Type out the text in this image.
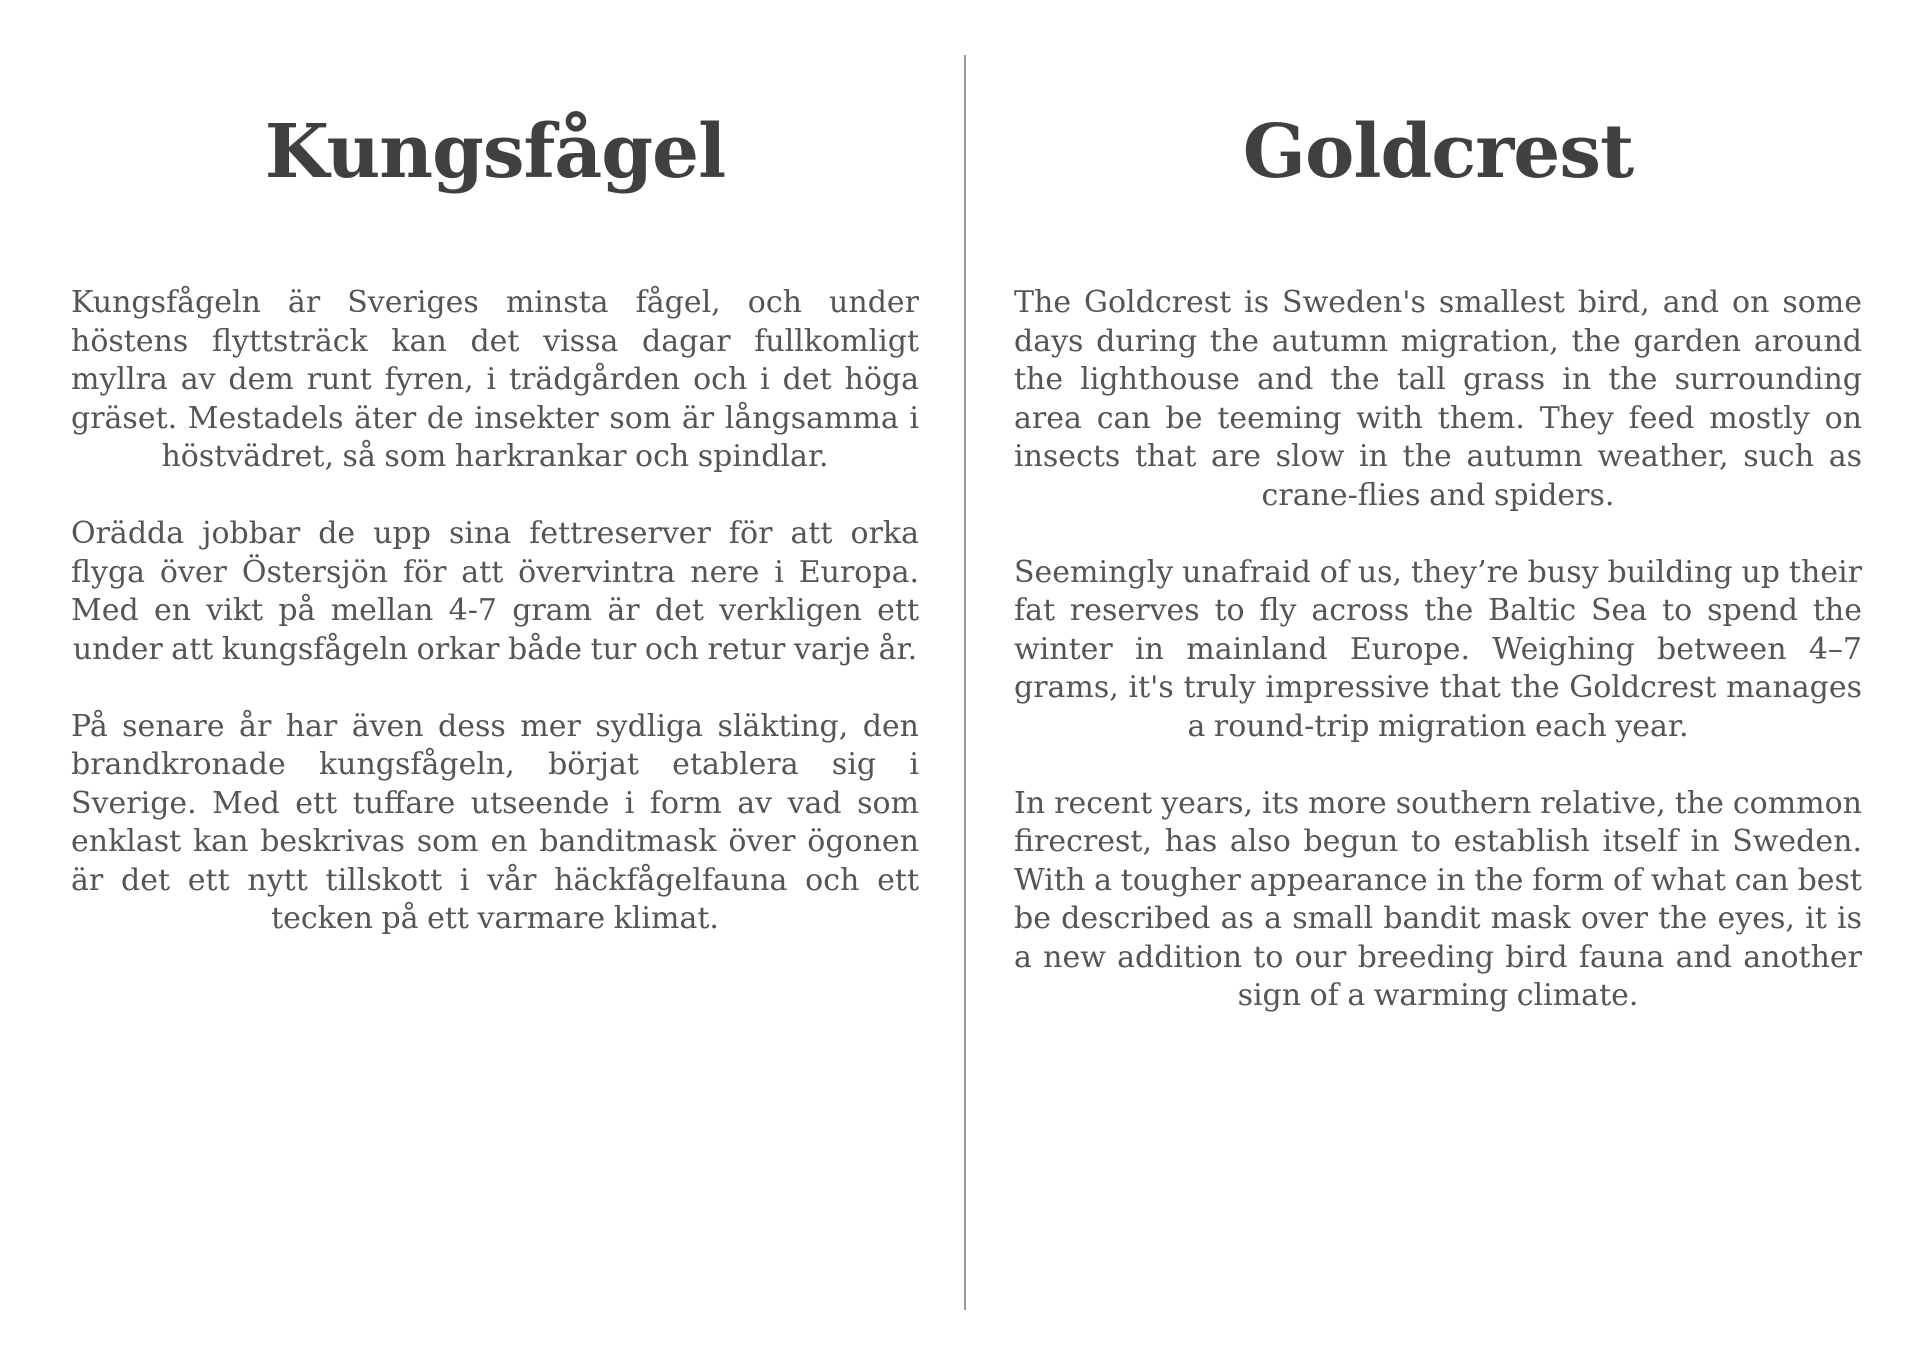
Kungsfågel

Kungsfågeln är Sveriges minsta fågel, och under höstens flyttsträck kan det vissa dagar fullkomligt myllra av dem runt fyren, i trädgården och i det höga gräset. Mestadels äter de insekter som är långsamma i höstvädret, så som harkrankar och spindlar.

Orädda jobbar de upp sina fettreserver för att orka flyga över Östersjön för att övervintra nere i Europa. Med en vikt på mellan 4-7 gram är det verkligen ett under att kungsfågeln orkar både tur och retur varje år.

På senare år har även dess mer sydliga släkting, den brandkronade kungsfågeln, börjat etablera sig i Sverige. Med ett tuffare utseende i form av vad som enklast kan beskrivas som en banditmask över ögonen är det ett nytt tillskott i vår häckfågelfauna och ett tecken på ett varmare klimat.

Goldcrest

The Goldcrest is Sweden's smallest bird, and on some days during the autumn migration, the garden around the lighthouse and the tall grass in the surrounding area can be teeming with them. They feed mostly on insects that are slow in the autumn weather, such as crane-flies and spiders.

Seemingly unafraid of us, they’re busy building up their fat reserves to fly across the Baltic Sea to spend the winter in mainland Europe. Weighing between 4–7 grams, it's truly impressive that the Goldcrest manages a round-trip migration each year.

In recent years, its more southern relative, the common firecrest, has also begun to establish itself in Sweden. With a tougher appearance in the form of what can best be described as a small bandit mask over the eyes, it is a new addition to our breeding bird fauna and another sign of a warming climate.
